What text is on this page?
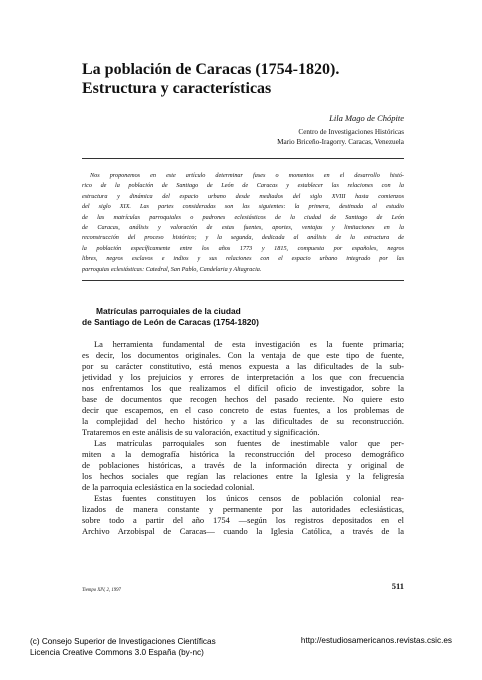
La población de Caracas (1754-1820).
Estructura y características
Lila Mago de Chópite
Centro de Investigaciones Históricas
Mario Briceño-Iragorry. Caracas, Venezuela
Nos proponemos en este artículo determinar fases o momentos en el desarrollo histó-
rico de la población de Santiago de León de Caracas y establecer las relaciones con la
estructura y dinámica del espacio urbano desde mediados del siglo XVIII hasta comienzos
del siglo XIX. Las partes consideradas son las siguientes: la primera, destinada al estudio
de las matrículas parroquiales o padrones eclesiásticos de la ciudad de Santiago de León
de Caracas, análisis y valoración de estas fuentes, aportes, ventajas y limitaciones en la
reconstrucción del proceso histórico; y la segunda, dedicada al análisis de la estructura de
la población específicamente entre los años 1773 y 1815, compuesta por españoles, negros
libres, negros esclavos e indios y sus relaciones con el espacio urbano integrado por las
parroquias eclesiásticas: Catedral, San Pablo, Candelaria y Altagracia.
Matrículas parroquiales de la ciudad
de Santiago de León de Caracas (1754-1820)
La herramienta fundamental de esta investigación es la fuente primaria;
es decir, los documentos originales. Con la ventaja de que este tipo de fuente,
por su carácter constitutivo, está menos expuesta a las dificultades de la sub-
jetividad y los prejuicios y errores de interpretación a los que con frecuencia
nos enfrentamos los que realizamos el difícil oficio de investigador, sobre la
base de documentos que recogen hechos del pasado reciente. No quiere esto
decir que escapemos, en el caso concreto de estas fuentes, a los problemas de
la complejidad del hecho histórico y a las dificultades de su reconstrucción.
Trataremos en este análisis de su valoración, exactitud y significación.
Las matrículas parroquiales son fuentes de inestimable valor que per-
miten a la demografía histórica la reconstrucción del proceso demográfico
de poblaciones históricas, a través de la información directa y original de
los hechos sociales que regían las relaciones entre la Iglesia y la feligresía
de la parroquia eclesiástica en la sociedad colonial.
Estas fuentes constituyen los únicos censos de población colonial rea-
lizados de manera constante y permanente por las autoridades eclesiásticas,
sobre todo a partir del año 1754 —según los registros depositados en el
Archivo Arzobispal de Caracas— cuando la Iglesia Católica, a través de la
Tiempo XIV, 2, 1997	511
(c) Consejo Superior de Investigaciones Científicas
Licencia Creative Commons 3.0 España (by-nc)
http://estudiosamericanos.revistas.csic.es
